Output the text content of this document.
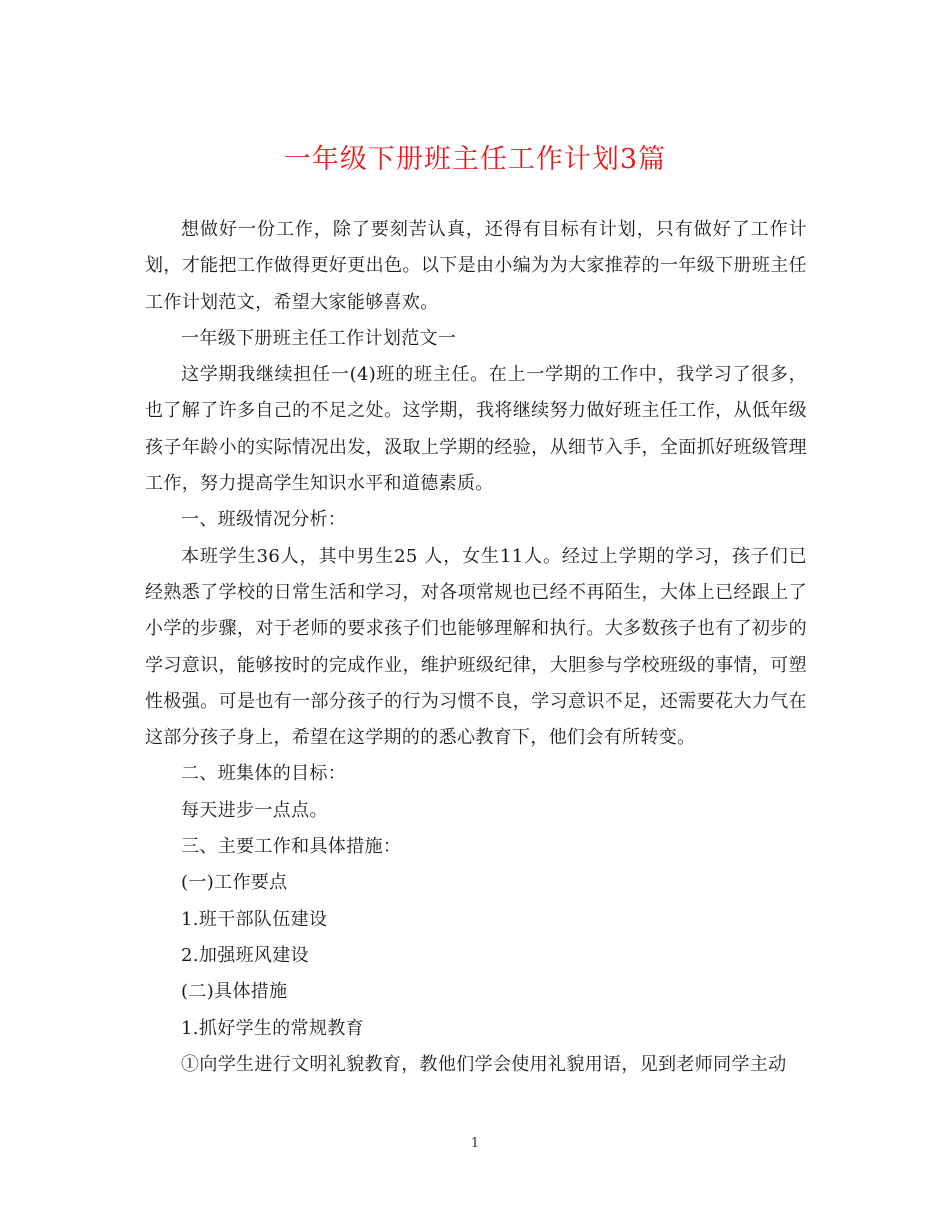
一年级下册班主任工作计划3篇

想做好一份工作，除了要刻苦认真，还得有目标有计划，只有做好了工作计划，才能把工作做得更好更出色。以下是由小编为为大家推荐的一年级下册班主任工作计划范文，希望大家能够喜欢。

一年级下册班主任工作计划范文一

这学期我继续担任一(4)班的班主任。在上一学期的工作中，我学习了很多，也了解了许多自己的不足之处。这学期，我将继续努力做好班主任工作，从低年级孩子年龄小的实际情况出发，汲取上学期的经验，从细节入手，全面抓好班级管理工作，努力提高学生知识水平和道德素质。

一、班级情况分析：

本班学生36人，其中男生25 人，女生11人。经过上学期的学习，孩子们已经熟悉了学校的日常生活和学习，对各项常规也已经不再陌生，大体上已经跟上了小学的步骤，对于老师的要求孩子们也能够理解和执行。大多数孩子也有了初步的学习意识，能够按时的完成作业，维护班级纪律，大胆参与学校班级的事情，可塑性极强。可是也有一部分孩子的行为习惯不良，学习意识不足，还需要花大力气在这部分孩子身上，希望在这学期的的悉心教育下，他们会有所转变。

二、班集体的目标：

每天进步一点点。

三、主要工作和具体措施：

(一)工作要点

1.班干部队伍建设

2.加强班风建设

(二)具体措施

1.抓好学生的常规教育

①向学生进行文明礼貌教育，教他们学会使用礼貌用语，见到老师同学主动

1
